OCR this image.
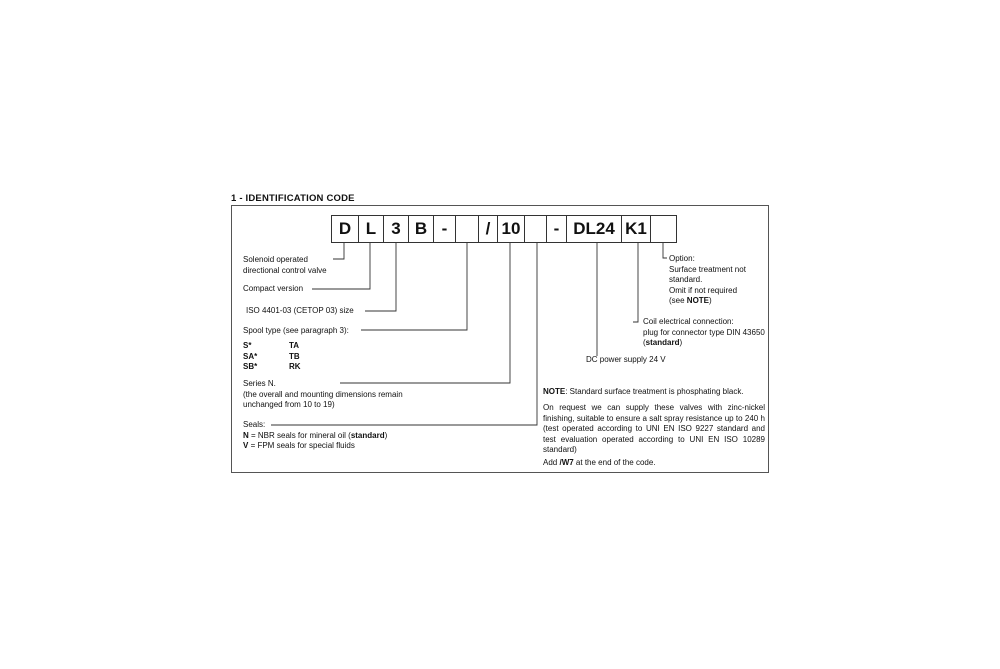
1 - IDENTIFICATION CODE
D L 3 B -	/ 10	- DL24 K1
Solenoid operated
directional control valve
Compact version
ISO 4401-03 (CETOP 03) size
Spool type (see paragraph 3):
S*
SA*
SB*
TA
TB
RK
Series N.
(the overall and mounting dimensions remain
unchanged from 10 to 19)
Seals:
N = NBR seals for mineral oil (standard)
V = FPM seals for special fluids
Option:
Surface treatment not
standard.
Omit if not required
(see NOTE)
Coil electrical connection:
plug for connector type DIN 43650
(standard)
DC power supply 24 V
NOTE: Standard surface treatment is phosphating black.
On request we can supply these valves with zinc-nickel finishing, suitable to ensure a salt spray resistance up to 240 h (test operated according to UNI EN ISO 9227 standard and test evaluation operated according to UNI EN ISO 10289 standard)
Add /W7 at the end of the code.
